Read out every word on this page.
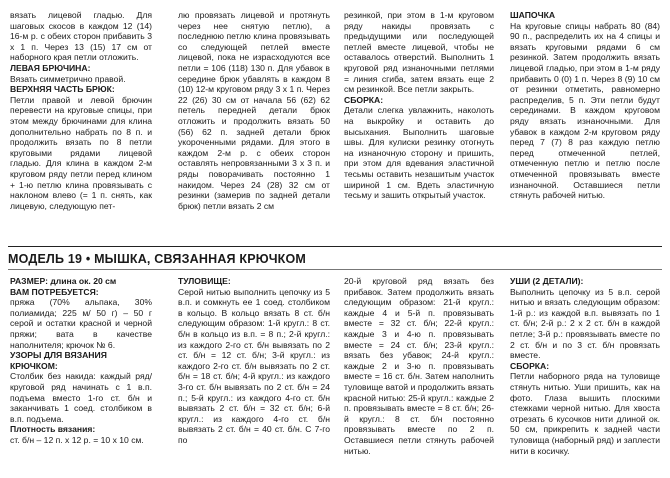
вязать лицевой гладью. Для шаговых скосов в каждом 12 (14) 16-м р. с обеих сторон прибавить 3 х 1 п. Через 13 (15) 17 см от наборного края петли отложить.

ЛЕВАЯ БРЮЧИНА:

Вязать симметрично правой.

ВЕРХНЯЯ ЧАСТЬ БРЮК:

Петли правой и левой брючин перевести на круговые спицы, при этом между брючинами для клина дополнительно набрать по 8 п. и продолжить вязать по 8 петли круговыми рядами лицевой гладью. Для клина в каждом 2-м круговом ряду петли перед клином + 1-ю петлю клина провязывать с наклоном влево (= 1 п. снять, как лицевую, следующую пет-

лю провязать лицевой и протянуть через нее снятую петлю), а последнюю петлю клина провязывать со следующей петлей вместе лицевой, пока не израсходуются все петли = 106 (118) 130 п. Для убавок в середине брюк убавлять в каждом 8 (10) 12-м круговом ряду 3 х 1 п. Через 22 (26) 30 см от начала 56 (62) 62 петель передней детали брюк отложить и продолжить вязать 50 (56) 62 п. задней детали брюк укороченными рядами. Для этого в каждом 2-м р. с обеих сторон оставлять непровязанными 3 х 3 п. и ряды поворачивать постоянно 1 накидом. Через 24 (28) 32 см от резинки (замерив по задней детали брюк) петли вязать 2 см

резинкой, при этом в 1-м круговом ряду накиды провязать с предыдущими или последующей петлей вместе лицевой, чтобы не оставалось отверстий. Выполнить 1 круговой ряд изнаночными петлями = линия сгиба, затем вязать еще 2 см резинкой. Все петли закрыть.

СБОРКА:

Детали слегка увлажнить, наколоть на выкройку и оставить до высыхания. Выполнить шаговые швы. Для кулиски резинку отогнуть на изнаночную сторону и пришить, при этом для вдевания эластичной тесьмы оставить незашитым участок шириной 1 см. Вдеть эластичную тесьму и зашить открытый участок.

ШАПОЧКА

На круговые спицы набрать 80 (84) 90 п., распределить их на 4 спицы и вязать круговыми рядами 6 см резинкой. Затем продолжить вязать лицевой гладью, при этом в 1-м ряду прибавить 0 (0) 1 п. Через 8 (9) 10 см от резинки отметить, равномерно распределив, 5 п. Эти петли будут серединами. В каждом круговом ряду вязать изнаночными. Для убавок в каждом 2-м круговом ряду перед 7 (7) 8 раз каждую петлю перед отмеченной петлей, отмеченную петлю и петлю после отмеченной провязывать вместе изнаночной. Оставшиеся петли стянуть рабочей нитью.

МОДЕЛЬ 19 • МЫШКА, СВЯЗАННАЯ КРЮЧКОМ

РАЗМЕР: длина ок. 20 см

ВАМ ПОТРЕБУЕТСЯ:

пряжа (70% альпака, 30% полиамида; 225 м/ 50 г) – 50 г серой и остатки красной и черной пряжи; вата в качестве наполнителя; крючок № 6.

УЗОРЫ ДЛЯ ВЯЗАНИЯ КРЮЧКОМ:

Столбик без накида: каждый ряд/круговой ряд начинать с 1 в.п. подъема вместо 1-го ст. б/н и заканчивать 1 соед. столбиком в в.п. подъема.

Плотность вязания:

ст. б/н – 12 п. х 12 р. = 10 х 10 см.

ТУЛОВИЩЕ:

Серой нитью выполнить цепочку из 5 в.п. и сомкнуть ее 1 соед. столбиком в кольцо. В кольцо вязать 8 ст. б/н следующим образом: 1-й кругл.: 8 ст. б/н в кольцо из в.п. = 8 п.; 2-й кругл.: из каждого 2-го ст. б/н вывязать по 2 ст. б/н = 12 ст. б/н; 3-й кругл.: из каждого 2-го ст. б/н вывязать по 2 ст. б/н = 18 ст. б/н; 4-й кругл.: из каждого 3-го ст. б/н вывязать по 2 ст. б/н = 24 п.; 5-й кругл.: из каждого 4-го ст. б/н вывязать 2 ст. б/н = 32 ст. б/н; 6-й кругл.: из каждого 4-го ст. б/н вывязать 2 ст. б/н = 40 ст. б/н. С 7-го по

20-й круговой ряд вязать без прибавок. Затем продолжить вязать следующим образом: 21-й кругл.: каждые 4 и 5-й п. провязывать вместе = 32 ст. б/н; 22-й кругл.: каждые 3 и 4-ю п. провязывать вместе = 24 ст. б/н; 23-й кругл.: вязать без убавок; 24-й кругл.: каждые 2 и 3-ю п. провязывать вместе = 16 ст. б/н. Затем наполнить туловище ватой и продолжить вязать красной нитью: 25-й кругл.: каждые 2 п. провязывать вместе = 8 ст. б/н; 26-й кругл.: 8 ст. б/н постоянно провязывать вместе по 2 п. Оставшиеся петли стянуть рабочей нитью.

УШИ (2 ДЕТАЛИ):

Выполнить цепочку из 5 в.п. серой нитью и вязать следующим образом: 1-й р.: из каждой в.п. вывязать по 1 ст. б/н; 2-й р.: 2 х 2 ст. б/н в каждой петле; 3-й р.: провязывать вместе по 2 ст. б/н и по 3 ст. б/н провязать вместе.

СБОРКА:

Петли наборного ряда на туловище стянуть нитью. Уши пришить, как на фото. Глаза вышить плоскими стежками черной нитью. Для хвоста отрезать 6 кусочков нити длиной ок. 50 см, прикрепить к задней части туловища (наборный ряд) и заплести нити в косичку.
